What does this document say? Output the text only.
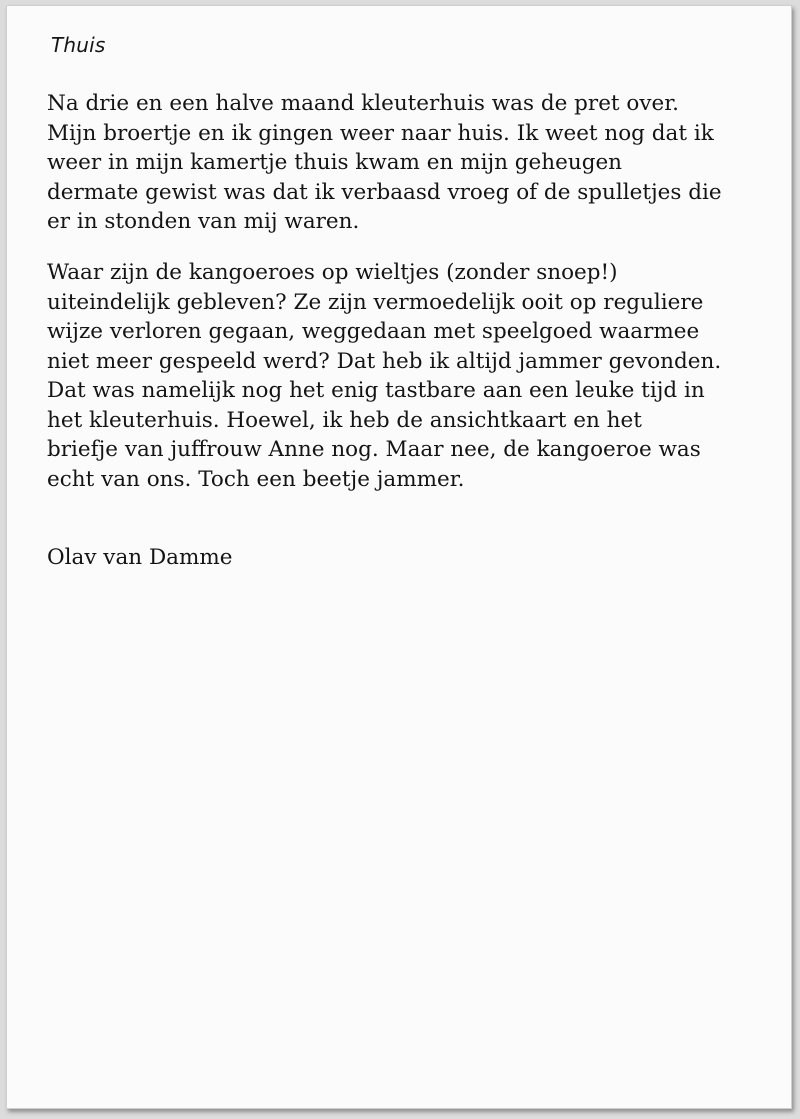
Thuis

Na drie en een halve maand kleuterhuis was de pret over.
Mijn broertje en ik gingen weer naar huis. Ik weet nog dat ik
weer in mijn kamertje thuis kwam en mijn geheugen
dermate gewist was dat ik verbaasd vroeg of de spulletjes die
er in stonden van mij waren.

Waar zijn de kangoeroes op wieltjes (zonder snoep!)
uiteindelijk gebleven? Ze zijn vermoedelijk ooit op reguliere
wijze verloren gegaan, weggedaan met speelgoed waarmee
niet meer gespeeld werd? Dat heb ik altijd jammer gevonden.
Dat was namelijk nog het enig tastbare aan een leuke tijd in
het kleuterhuis. Hoewel, ik heb de ansichtkaart en het
briefje van juffrouw Anne nog. Maar nee, de kangoeroe was
echt van ons. Toch een beetje jammer.

Olav van Damme
